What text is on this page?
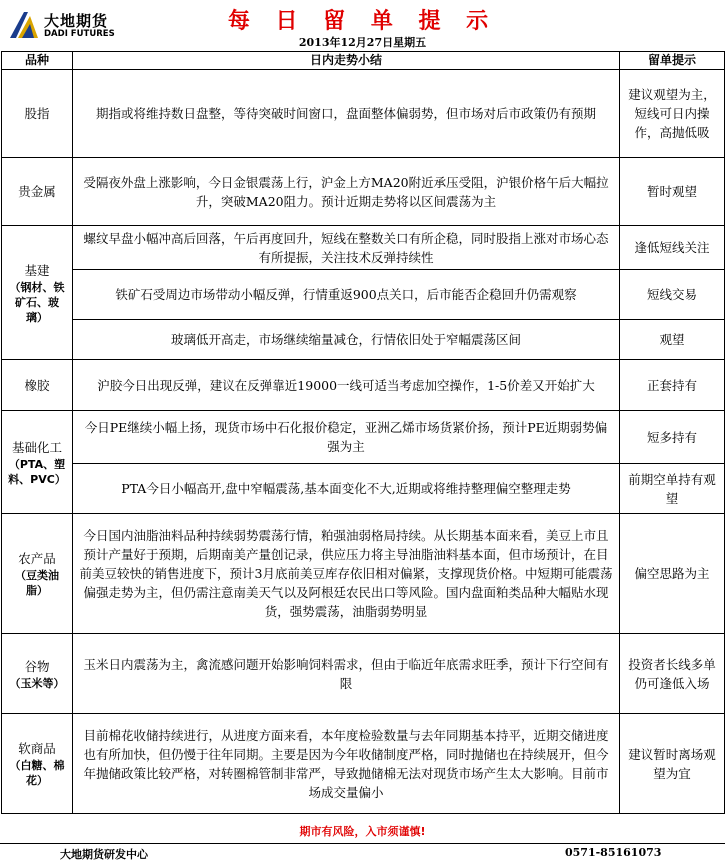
大地期货
DADI FUTURES	每 日 留 单 提 示
2013年12月27日星期五
品种	日内走势小结	留单提示
股指	期指或将维持数日盘整，等待突破时间窗口，盘面整体偏弱势，但市场对后市政策仍有预期	建议观望为主，短线可日内操作，高抛低吸
贵金属	受隔夜外盘上涨影响，今日金银震荡上行，沪金上方MA20附近承压受阻，沪银价格午后大幅拉升，突破MA20阻力。预计近期走势将以区间震荡为主	暂时观望
基建
（钢材、铁矿石、玻璃）	螺纹早盘小幅冲高后回落，午后再度回升，短线在整数关口有所企稳，同时股指上涨对市场心态有所提振，关注技术反弹持续性	逢低短线关注
	铁矿石受周边市场带动小幅反弹，行情重返900点关口，后市能否企稳回升仍需观察	短线交易
	玻璃低开高走，市场继续缩量减仓，行情依旧处于窄幅震荡区间	观望
橡胶	沪胶今日出现反弹，建议在反弹靠近19000一线可适当考虑加空操作，1-5价差又开始扩大	正套持有
基础化工
（PTA、塑料、PVC）	今日PE继续小幅上扬，现货市场中石化报价稳定，亚洲乙烯市场货紧价扬，预计PE近期弱势偏强为主	短多持有
	PTA今日小幅高开,盘中窄幅震荡,基本面变化不大,近期或将维持整理偏空整理走势	前期空单持有观望
农产品
（豆类油脂）	今日国内油脂油料品种持续弱势震荡行情，粕强油弱格局持续。从长期基本面来看，美豆上市且预计产量好于预期，后期南美产量创记录，供应压力将主导油脂油料基本面，但市场预计，在目前美豆较快的销售进度下，预计3月底前美豆库存依旧相对偏紧，支撑现货价格。中短期可能震荡偏强走势为主，但仍需注意南美天气以及阿根廷农民出口等风险。国内盘面粕类品种大幅贴水现货，强势震荡，油脂弱势明显	偏空思路为主
谷物
（玉米等）	玉米日内震荡为主，禽流感问题开始影响饲料需求，但由于临近年底需求旺季，预计下行空间有限	投资者长线多单仍可逢低入场
软商品
（白糖、棉花）	目前棉花收储持续进行，从进度方面来看，本年度检验数量与去年同期基本持平，近期交储进度也有所加快，但仍慢于往年同期。主要是因为今年收储制度严格，同时抛储也在持续展开，但今年抛储政策比较严格，对转圈棉管制非常严，导致抛储棉无法对现货市场产生太大影响。目前市场成交量偏小	建议暂时离场观望为宜
期市有风险，入市须谨慎!
大地期货研发中心	0571-85161073
